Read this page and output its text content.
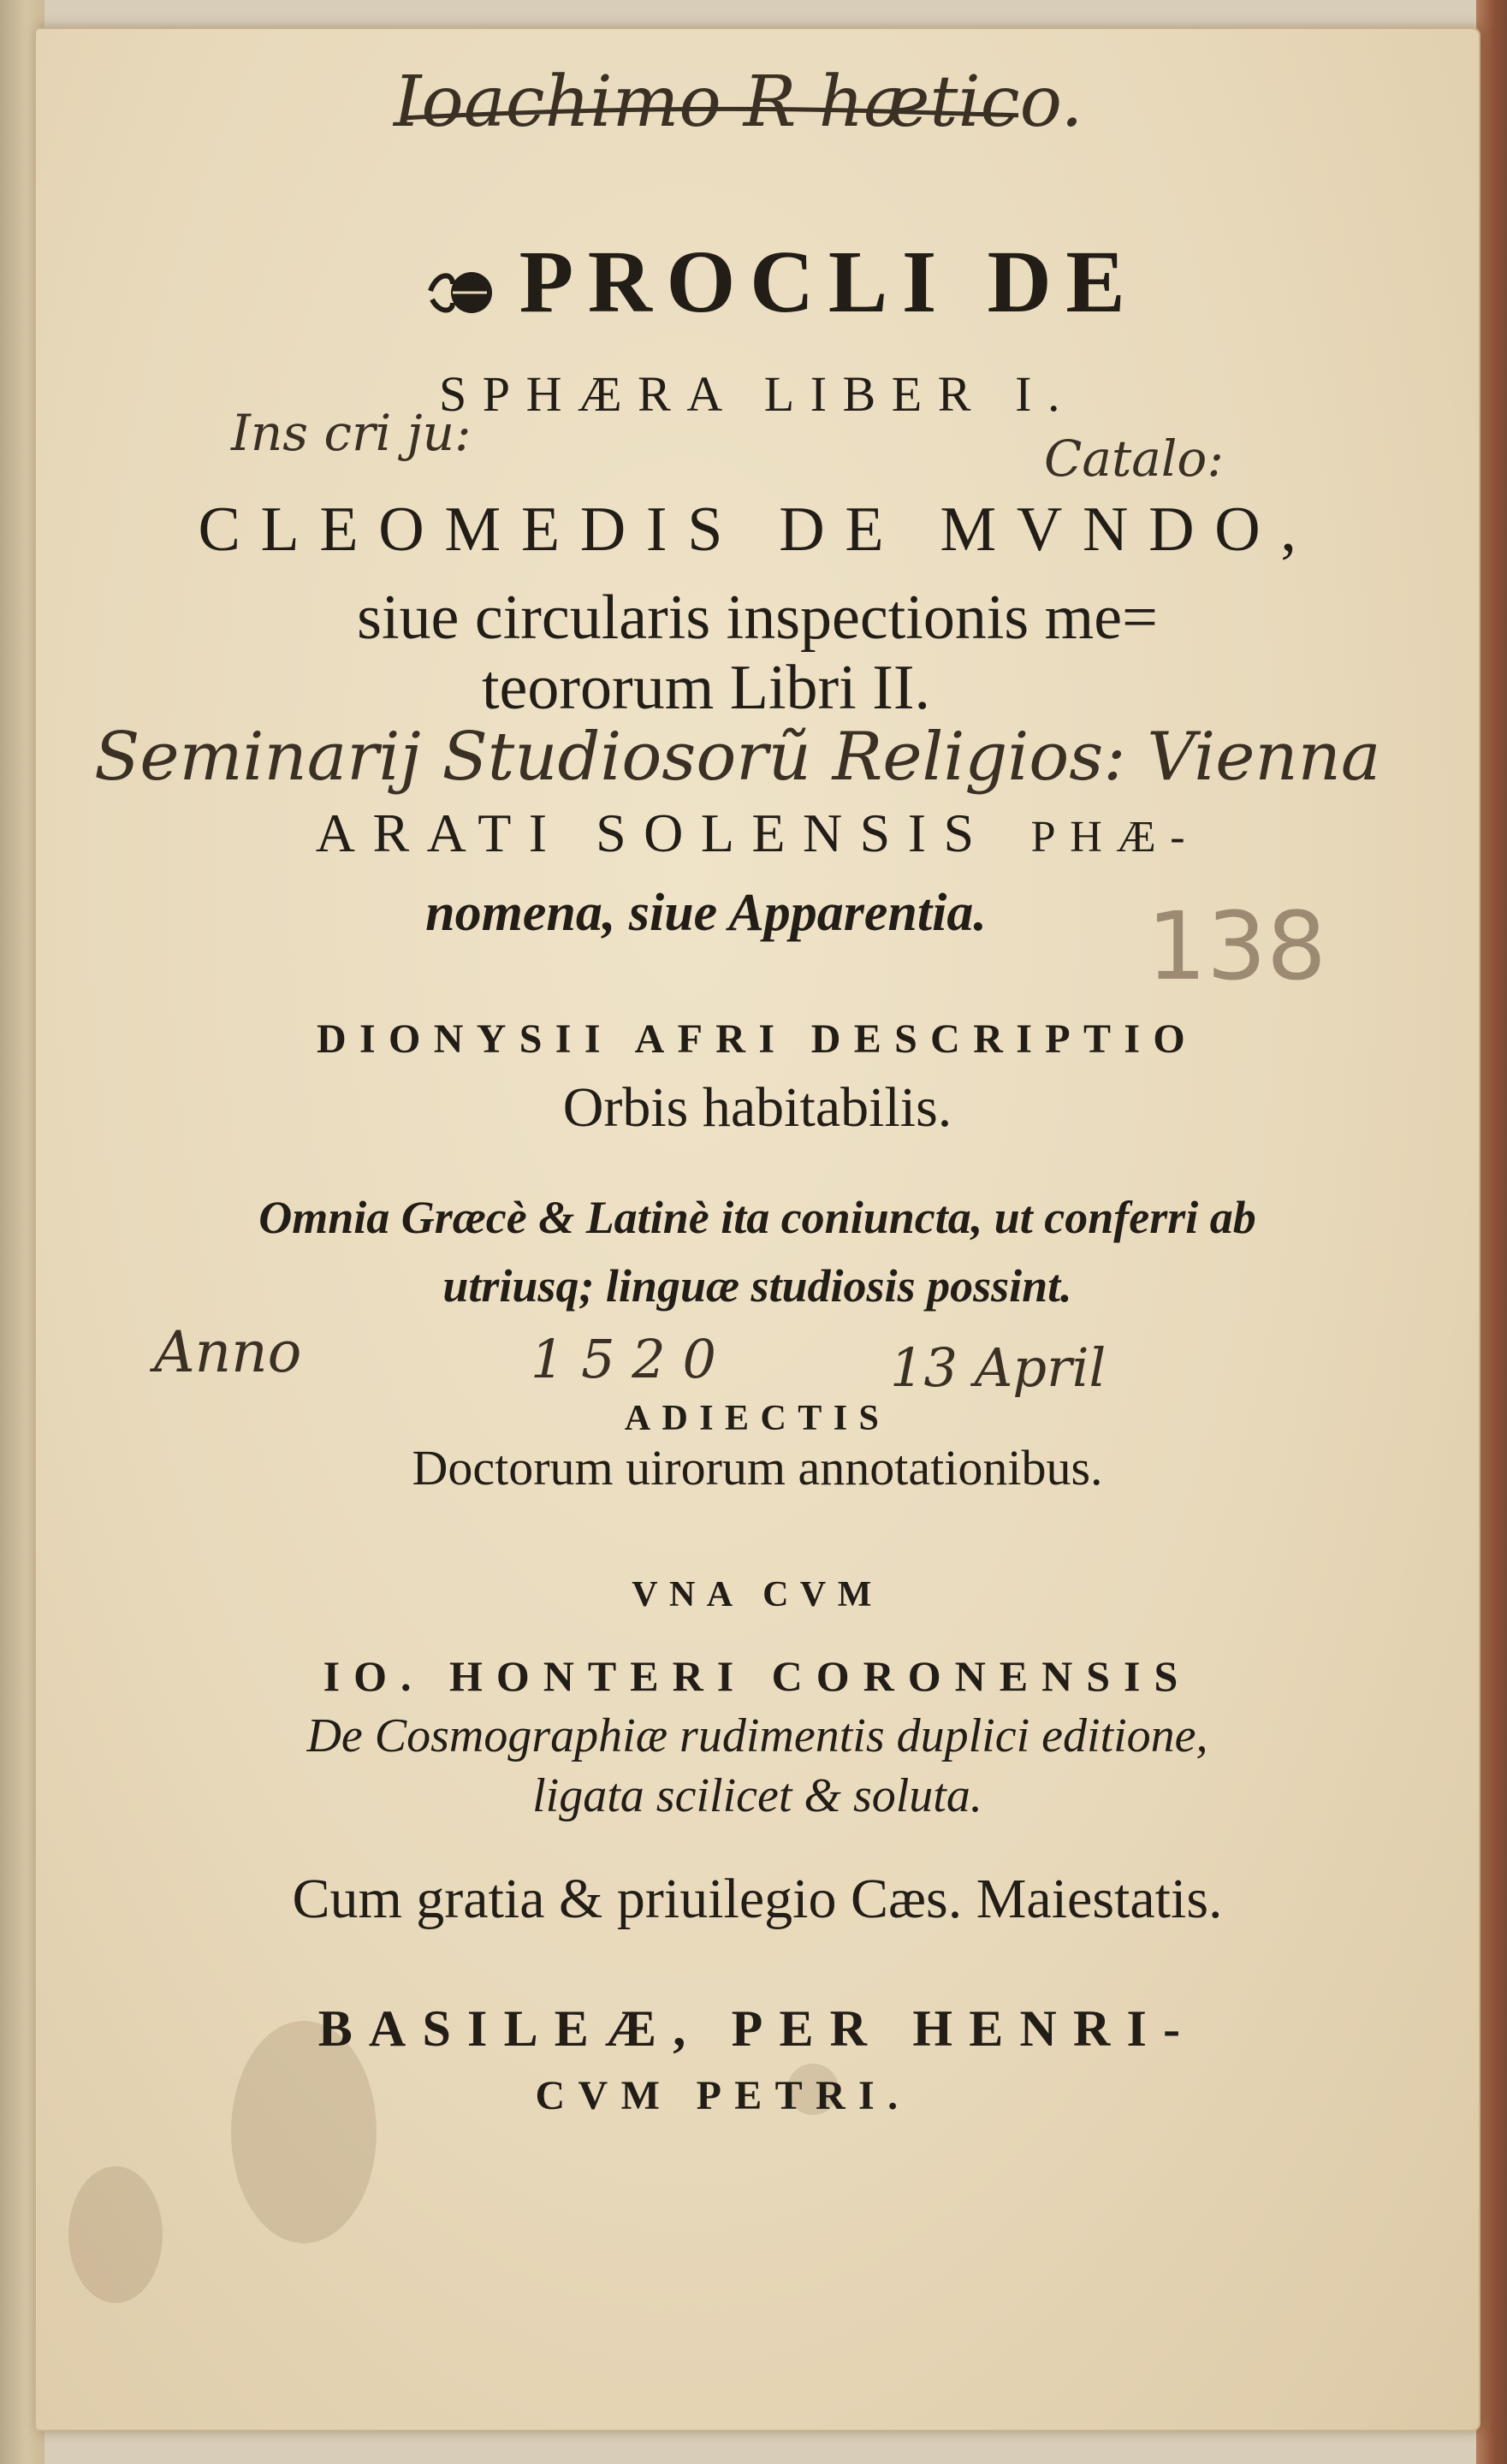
Ioachimo R hætico.
PROCLI DE
SPHÆRA LIBER I.
Ins cri ju:	Catalo:
CLEOMEDIS DE MVNDO,
siue circularis inspectionis me=
teororum Libri II.
Seminarij Studiosorũ Religios: Vienna
ARATI SOLENSIS PHÆ-
nomena, siue Apparentia.	138
DIONYSII AFRI DESCRIPTIO
Orbis habitabilis.
Omnia Græcè & Latinè ita coniuncta, ut conferri ab
utriusq; linguæ studiosis possint.
Anno	1 5 2 0	13 April
ADIECTIS
Doctorum uirorum annotationibus.
VNA CVM
IO. HONTERI CORONENSIS
De Cosmographiæ rudimentis duplici editione,
ligata scilicet & soluta.
Cum gratia & priuilegio Cæs. Maiestatis.
BASILEÆ, PER HENRI-
CVM PETRI.
